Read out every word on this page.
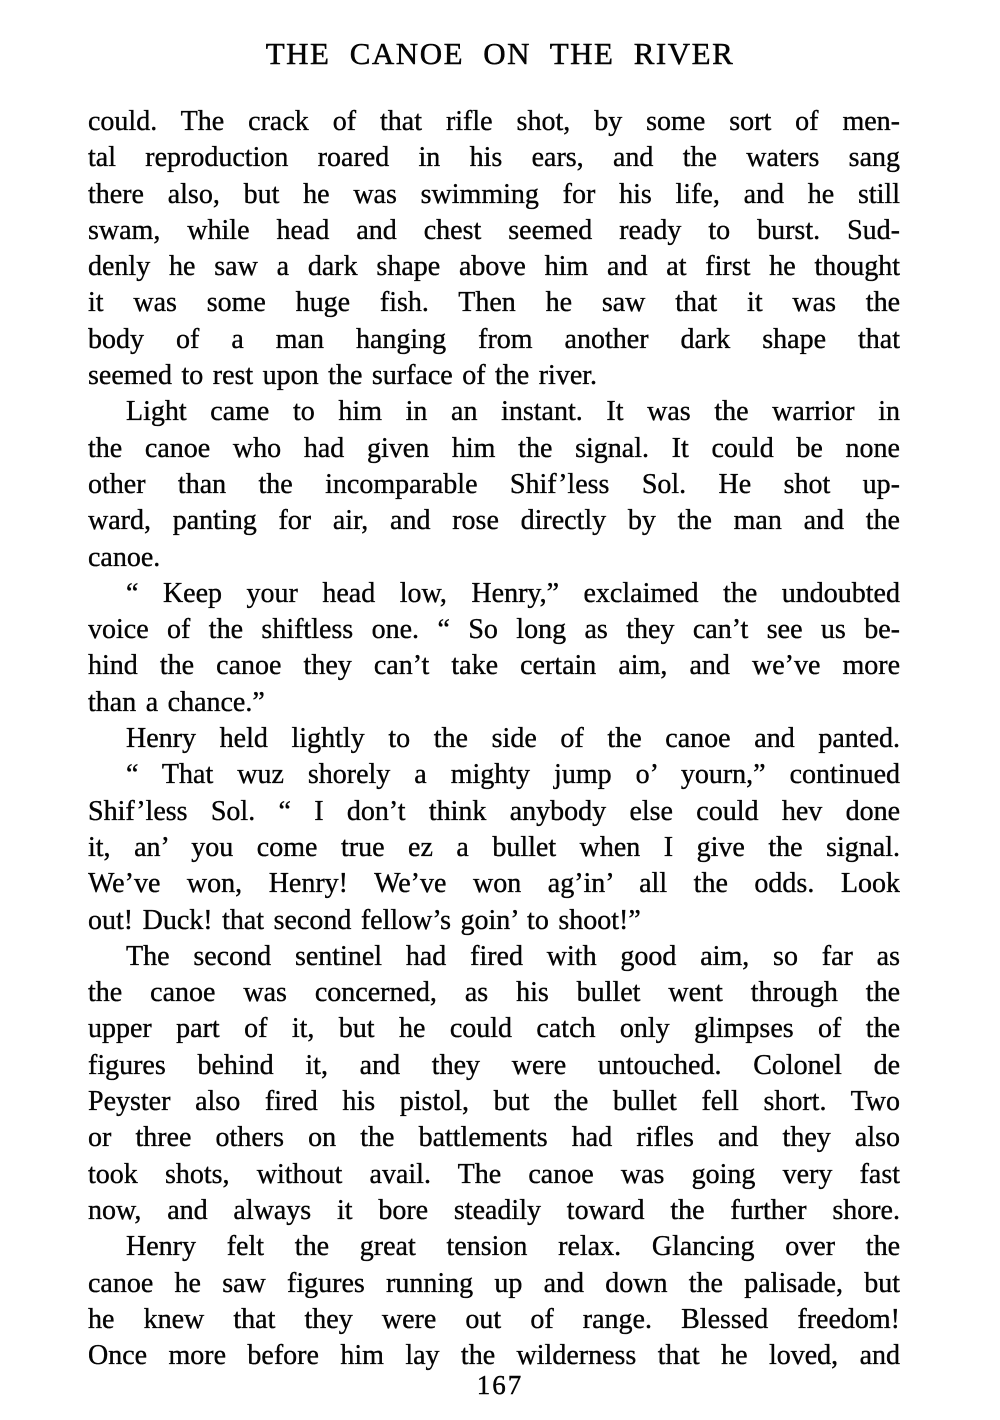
THE CANOE ON THE RIVER
could. The crack of that rifle shot, by some sort of men-
tal reproduction roared in his ears, and the waters sang
there also, but he was swimming for his life, and he still
swam, while head and chest seemed ready to burst. Sud-
denly he saw a dark shape above him and at first he thought
it was some huge fish. Then he saw that it was the
body of a man hanging from another dark shape that
seemed to rest upon the surface of the river.
Light came to him in an instant. It was the warrior in
the canoe who had given him the signal. It could be none
other than the incomparable Shif’less Sol. He shot up-
ward, panting for air, and rose directly by the man and the
canoe.
“ Keep your head low, Henry,” exclaimed the undoubted
voice of the shiftless one. “ So long as they can’t see us be-
hind the canoe they can’t take certain aim, and we’ve more
than a chance.”
Henry held lightly to the side of the canoe and panted.
“ That wuz shorely a mighty jump o’ yourn,” continued
Shif’less Sol. “ I don’t think anybody else could hev done
it, an’ you come true ez a bullet when I give the signal.
We’ve won, Henry! We’ve won ag’in’ all the odds. Look
out! Duck! that second fellow’s goin’ to shoot!”
The second sentinel had fired with good aim, so far as
the canoe was concerned, as his bullet went through the
upper part of it, but he could catch only glimpses of the
figures behind it, and they were untouched. Colonel de
Peyster also fired his pistol, but the bullet fell short. Two
or three others on the battlements had rifles and they also
took shots, without avail. The canoe was going very fast
now, and always it bore steadily toward the further shore.
Henry felt the great tension relax. Glancing over the
canoe he saw figures running up and down the palisade, but
he knew that they were out of range. Blessed freedom!
Once more before him lay the wilderness that he loved, and
167
